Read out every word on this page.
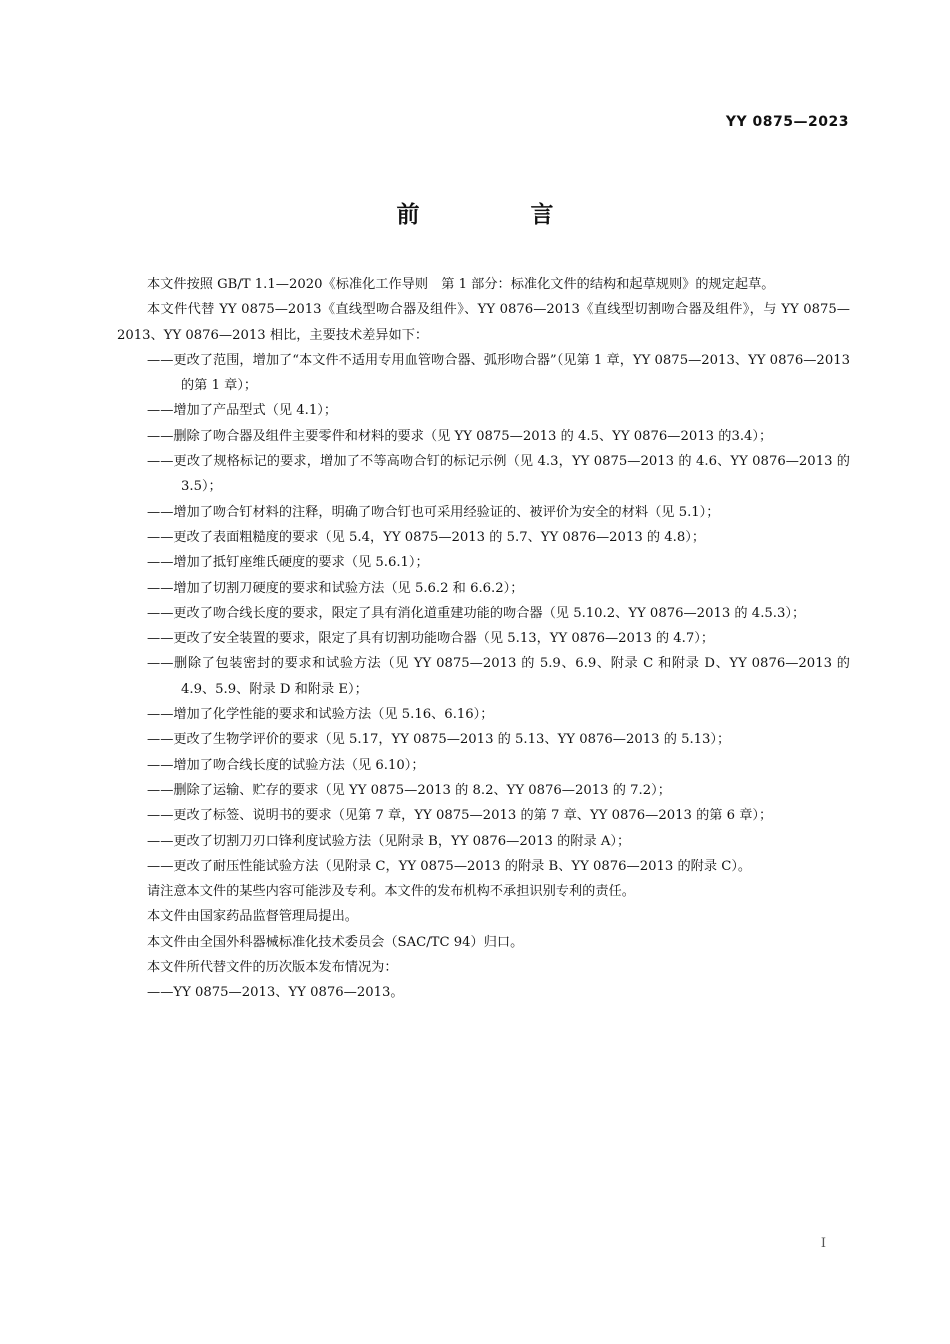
YY 0875—2023
前　言

本文件按照 GB/T 1.1—2020《标准化工作导则　第 1 部分：标准化文件的结构和起草规则》的规定起草。

本文件代替 YY 0875—2013《直线型吻合器及组件》、YY 0876—2013《直线型切割吻合器及组件》，与 YY 0875—2013、YY 0876—2013 相比，主要技术差异如下：

——更改了范围，增加了“本文件不适用专用血管吻合器、弧形吻合器”（见第 1 章，YY 0875—2013、YY 0876—2013 的第 1 章）；

——增加了产品型式（见 4.1）；

——删除了吻合器及组件主要零件和材料的要求（见 YY 0875—2013 的 4.5、YY 0876—2013 的3.4）；

——更改了规格标记的要求，增加了不等高吻合钉的标记示例（见 4.3，YY 0875—2013 的 4.6、YY 0876—2013 的 3.5）；

——增加了吻合钉材料的注释，明确了吻合钉也可采用经验证的、被评价为安全的材料（见 5.1）；

——更改了表面粗糙度的要求（见 5.4，YY 0875—2013 的 5.7、YY 0876—2013 的 4.8）；

——增加了抵钉座维氏硬度的要求（见 5.6.1）；

——增加了切割刀硬度的要求和试验方法（见 5.6.2 和 6.6.2）；

——更改了吻合线长度的要求，限定了具有消化道重建功能的吻合器（见 5.10.2、YY 0876—2013 的 4.5.3）；

——更改了安全装置的要求，限定了具有切割功能吻合器（见 5.13，YY 0876—2013 的 4.7）；

——删除了包装密封的要求和试验方法（见 YY 0875—2013 的 5.9、6.9、附录 C 和附录 D、YY 0876—2013 的 4.9、5.9、附录 D 和附录 E）；

——增加了化学性能的要求和试验方法（见 5.16、6.16）；

——更改了生物学评价的要求（见 5.17，YY 0875—2013 的 5.13、YY 0876—2013 的 5.13）；

——增加了吻合线长度的试验方法（见 6.10）；

——删除了运输、贮存的要求（见 YY 0875—2013 的 8.2、YY 0876—2013 的 7.2）；

——更改了标签、说明书的要求（见第 7 章，YY 0875—2013 的第 7 章、YY 0876—2013 的第 6 章）；

——更改了切割刀刃口锋利度试验方法（见附录 B，YY 0876—2013 的附录 A）；

——更改了耐压性能试验方法（见附录 C，YY 0875—2013 的附录 B、YY 0876—2013 的附录 C）。

请注意本文件的某些内容可能涉及专利。本文件的发布机构不承担识别专利的责任。

本文件由国家药品监督管理局提出。

本文件由全国外科器械标准化技术委员会（SAC/TC 94）归口。

本文件所代替文件的历次版本发布情况为：

——YY 0875—2013、YY 0876—2013。

Ⅰ
